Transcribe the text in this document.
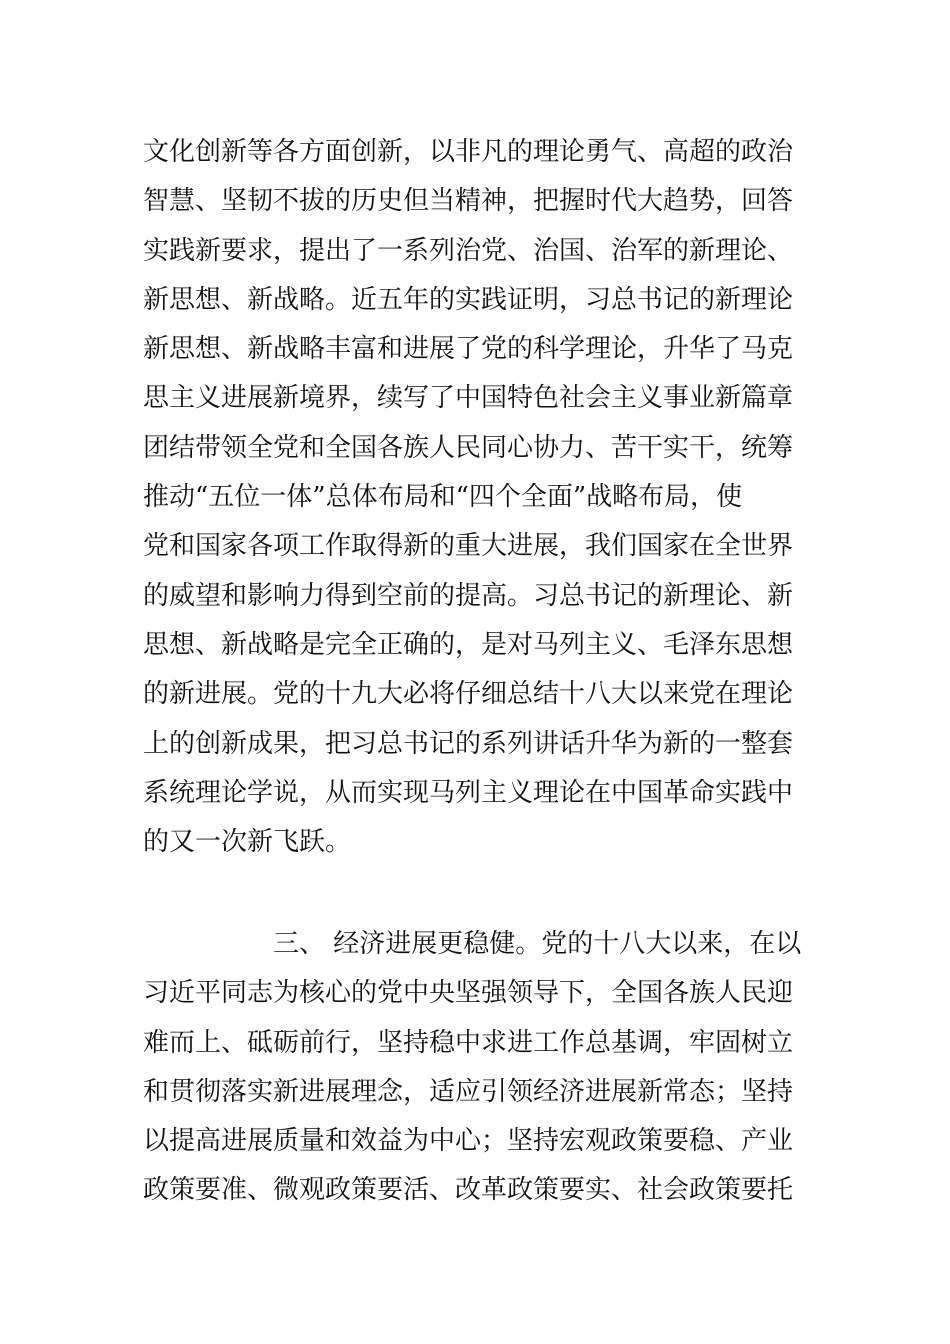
文化创新等各方面创新，以非凡的理论勇气、高超的政治
智慧、坚韧不拔的历史但当精神，把握时代大趋势，回答
实践新要求，提出了一系列治党、治国、治军的新理论、
新思想、新战略。近五年的实践证明，习总书记的新理论
新思想、新战略丰富和进展了党的科学理论，升华了马克
思主义进展新境界，续写了中国特色社会主义事业新篇章
团结带领全党和全国各族人民同心协力、苦干实干，统筹
推动“五位一体”总体布局和“四个全面”战略布局，使
党和国家各项工作取得新的重大进展，我们国家在全世界
的威望和影响力得到空前的提高。习总书记的新理论、新
思想、新战略是完全正确的，是对马列主义、毛泽东思想
的新进展。党的十九大必将仔细总结十八大以来党在理论
上的创新成果，把习总书记的系列讲话升华为新的一整套
系统理论学说，从而实现马列主义理论在中国革命实践中
的又一次新飞跃。
三、 经济进展更稳健。党的十八大以来，在以
习近平同志为核心的党中央坚强领导下，全国各族人民迎
难而上、砥砺前行，坚持稳中求进工作总基调，牢固树立
和贯彻落实新进展理念，适应引领经济进展新常态；坚持
以提高进展质量和效益为中心；坚持宏观政策要稳、产业
政策要准、微观政策要活、改革政策要实、社会政策要托
